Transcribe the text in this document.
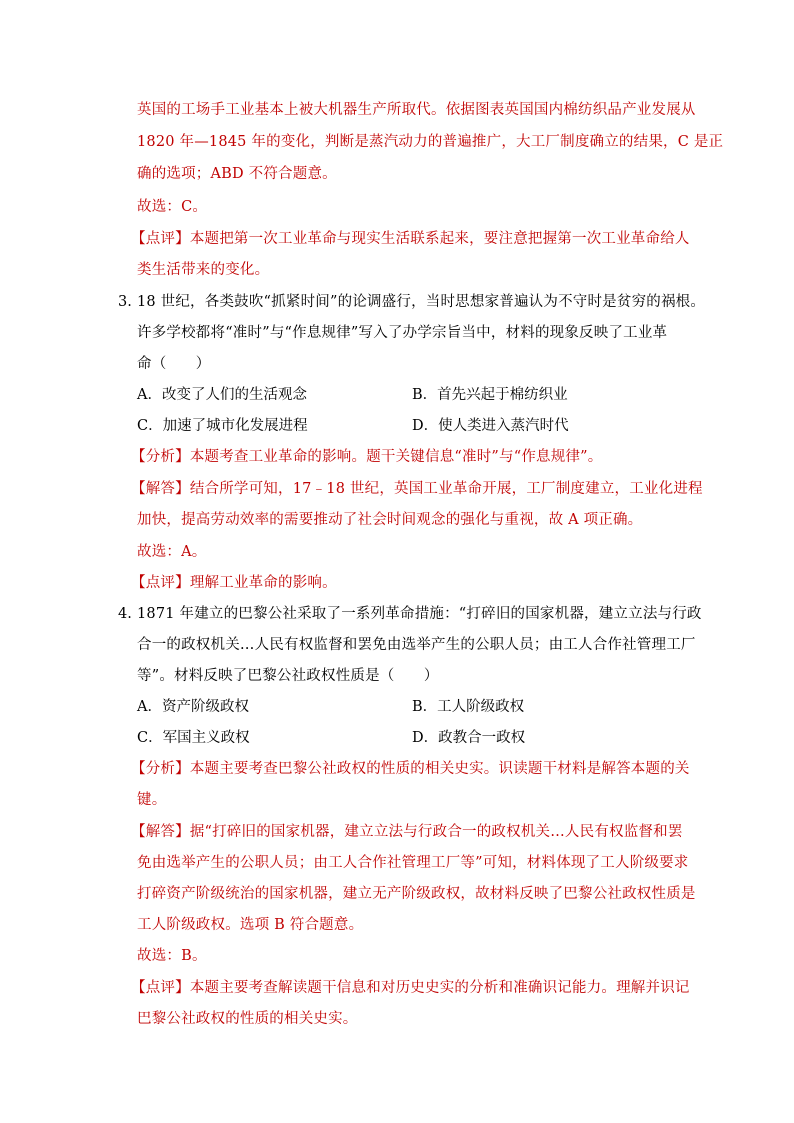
英国的工场手工业基本上被大机器生产所取代。依据图表英国国内棉纺织品产业发展从
1820 年—1845 年的变化，判断是蒸汽动力的普遍推广，大工厂制度确立的结果，C 是正
确的选项；ABD 不符合题意。
故选：C。
【点评】本题把第一次工业革命与现实生活联系起来，要注意把握第一次工业革命给人
类生活带来的变化。
3. 18 世纪，各类鼓吹“抓紧时间”的论调盛行，当时思想家普遍认为不守时是贫穷的祸根。
许多学校都将“准时”与“作息规律”写入了办学宗旨当中，材料的现象反映了工业革
命（　　）
A．改变了人们的生活观念	B．首先兴起于棉纺织业
C．加速了城市化发展进程	D．使人类进入蒸汽时代
【分析】本题考查工业革命的影响。题干关键信息“准时”与“作息规律”。
【解答】结合所学可知，17﹣18 世纪，英国工业革命开展，工厂制度建立，工业化进程
加快，提高劳动效率的需要推动了社会时间观念的强化与重视，故 A 项正确。
故选：A。
【点评】理解工业革命的影响。
4. 1871 年建立的巴黎公社采取了一系列革命措施：“打碎旧的国家机器，建立立法与行政
合一的政权机关…人民有权监督和罢免由选举产生的公职人员；由工人合作社管理工厂
等”。材料反映了巴黎公社政权性质是（　　）
A．资产阶级政权	B．工人阶级政权
C．军国主义政权	D．政教合一政权
【分析】本题主要考查巴黎公社政权的性质的相关史实。识读题干材料是解答本题的关
键。
【解答】据“打碎旧的国家机器，建立立法与行政合一的政权机关…人民有权监督和罢
免由选举产生的公职人员；由工人合作社管理工厂等”可知，材料体现了工人阶级要求
打碎资产阶级统治的国家机器，建立无产阶级政权，故材料反映了巴黎公社政权性质是
工人阶级政权。选项 B 符合题意。
故选：B。
【点评】本题主要考查解读题干信息和对历史史实的分析和准确识记能力。理解并识记
巴黎公社政权的性质的相关史实。
